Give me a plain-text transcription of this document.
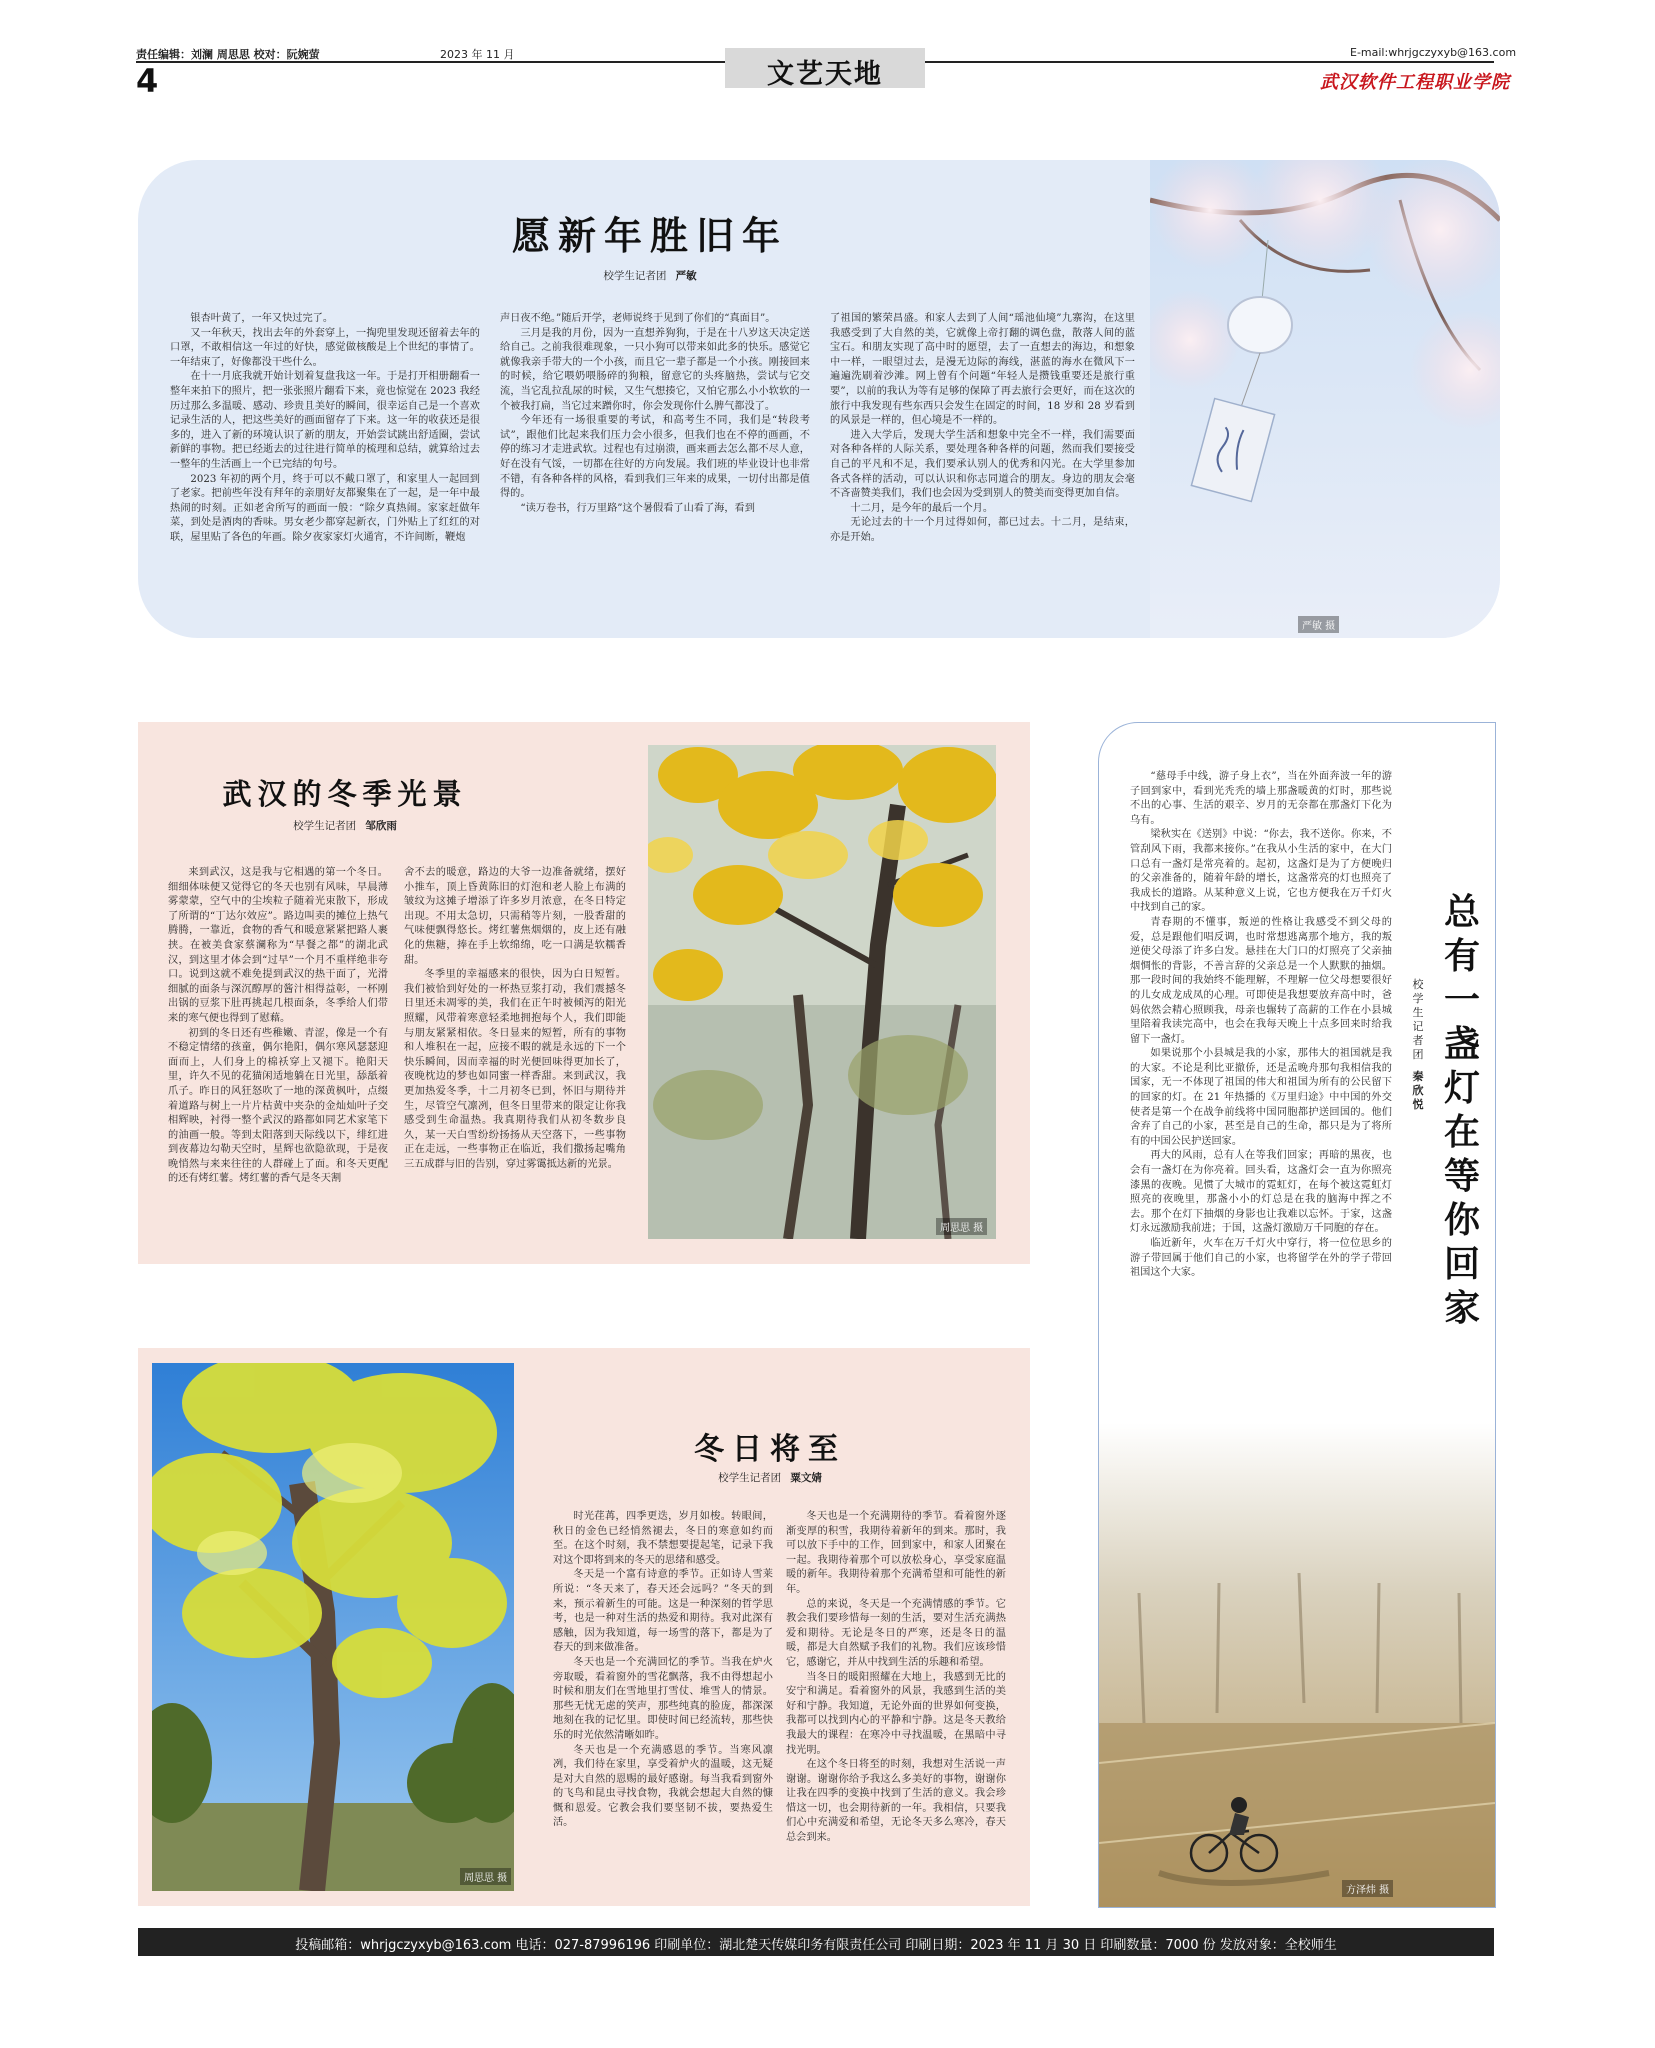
责任编辑：刘澜 周思思 校对：阮婉萤	2023 年 11 月	E-mail:whrjgczyxyb@163.com
4	文艺天地	武汉软件工程职业学院
严敏 摄
愿新年胜旧年
校学生记者团 严敏

银杏叶黄了，一年又快过完了。

又一年秋天，找出去年的外套穿上，一掏兜里发现还留着去年的口罩，不敢相信这一年过的好快，感觉做核酸是上个世纪的事情了。一年结束了，好像都没干些什么。

在十一月底我就开始计划着复盘我这一年。于是打开相册翻看一整年来拍下的照片，把一张张照片翻看下来，竟也惊觉在 2023 我经历过那么多温暖、感动、珍贵且美好的瞬间，很幸运自己是一个喜欢记录生活的人，把这些美好的画面留存了下来。这一年的收获还是很多的，进入了新的环境认识了新的朋友，开始尝试跳出舒适圈，尝试新鲜的事物。把已经逝去的过往进行简单的梳理和总结，就算给过去一整年的生活画上一个已完结的句号。

2023 年初的两个月，终于可以不戴口罩了，和家里人一起回到了老家。把前些年没有拜年的亲朋好友都聚集在了一起，是一年中最热闹的时刻。正如老舍所写的画面一般：“除夕真热闹。家家赶做年菜，到处是酒肉的香味。男女老少都穿起新衣，门外贴上了红红的对联，屋里贴了各色的年画。除夕夜家家灯火通宵，不许间断，鞭炮

声日夜不绝。”随后开学，老师说终于见到了你们的“真面目”。

三月是我的月份，因为一直想养狗狗，于是在十八岁这天决定送给自己。之前我很难现象，一只小狗可以带来如此多的快乐。感觉它就像我亲手带大的一个小孩，而且它一辈子都是一个小孩。刚接回来的时候，给它喂奶喂肠碎的狗粮，留意它的头疼脑热，尝试与它交流，当它乱拉乱尿的时候，又生气想揍它，又怕它那么小小软软的一个被我打扁，当它过来蹭你时，你会发现你什么脾气都没了。

今年还有一场很重要的考试，和高考生不同，我们是“转段考试”，跟他们比起来我们压力会小很多，但我们也在不停的画画，不停的练习才走进武软。过程也有过崩溃，画来画去怎么都不尽人意，好在没有气馁，一切都在往好的方向发展。我们班的毕业设计也非常不错，有各种各样的风格，看到我们三年来的成果，一切付出都是值得的。

“读万卷书，行万里路”这个暑假看了山看了海，看到

了祖国的繁荣昌盛。和家人去到了人间“瑶池仙境”九寨沟，在这里我感受到了大自然的美，它就像上帝打翻的调色盘，散落人间的蓝宝石。和朋友实现了高中时的愿望，去了一直想去的海边，和想象中一样，一眼望过去，是漫无边际的海线，湛蓝的海水在微风下一遍遍洗刷着沙滩。网上曾有个问题“年轻人是攒钱重要还是旅行重要”，以前的我认为等有足够的保障了再去旅行会更好，而在这次的旅行中我发现有些东西只会发生在固定的时间，18 岁和 28 岁看到的风景是一样的，但心境是不一样的。

进入大学后，发现大学生活和想象中完全不一样，我们需要面对各种各样的人际关系，要处理各种各样的问题，然而我们要接受自己的平凡和不足，我们要承认别人的优秀和闪光。在大学里参加各式各样的活动，可以认识和你志同道合的朋友。身边的朋友会毫不吝啬赞美我们，我们也会因为受到别人的赞美而变得更加自信。

十二月，是今年的最后一个月。

无论过去的十一个月过得如何，都已过去。十二月，是结束，亦是开始。

武汉的冬季光景
校学生记者团 邹欣雨

来到武汉，这是我与它相遇的第一个冬日。细细体味便又觉得它的冬天也别有风味，早晨薄雾蒙蒙，空气中的尘埃粒子随着光束散下，形成了所谓的“丁达尔效应”。路边叫卖的摊位上热气腾腾，一靠近，食物的香气和暖意紧紧把路人裹挟。在被美食家蔡澜称为“早餐之都”的湖北武汉，到这里才体会到“过早”一个月不重样绝非夸口。说到这就不难免提到武汉的热干面了，光滑细腻的面条与深沉醇厚的酱汁相得益彰，一杯刚出锅的豆浆下肚再挑起几根面条，冬季给人们带来的寒气便也得到了慰藉。

初到的冬日还有些稚嫩、青涩，像是一个有不稳定情绪的孩童，偶尔艳阳，偶尔寒风瑟瑟迎面而上，人们身上的棉袄穿上又褪下。艳阳天里，许久不见的花猫闲适地躺在日光里，舔舐着爪子。昨日的风狂怒吹了一地的深黄枫叶，点缀着道路与树上一片片枯黄中夹杂的金灿灿叶子交相辉映，衬得一整个武汉的路都如同艺术家笔下的油画一般。等到太阳落到天际线以下，绯红进到夜幕边勾勒天空时，星辉也欲隐欲现，于是夜晚悄然与来来往往的人群碰上了面。和冬天更配的还有烤红薯。烤红薯的香气是冬天割

舍不去的暖意，路边的大爷一边准备就绪，摆好小推车，顶上昏黄陈旧的灯泡和老人脸上布满的皱纹为这摊子增添了许多岁月浓意，在冬日特定出现。不用太急切，只需稍等片刻，一股香甜的气味便飘得悠长。烤红薯焦烟烟的，皮上还有融化的焦糖，捧在手上软绵绵，吃一口满是软糯香甜。

冬季里的幸福感来的很快，因为白日短暂。我们被恰到好处的一杯热豆浆打动，我们震撼冬日里还未凋零的美，我们在正午时被倾泻的阳光照耀，风带着寒意轻柔地拥抱每个人，我们即能与朋友紧紧相依。冬日显来的短暂，所有的事物和人堆积在一起，应接不暇的就是永远的下一个快乐瞬间，因而幸福的时光便回味得更加长了，夜晚枕边的梦也如同蜜一样香甜。来到武汉，我更加热爱冬季，十二月初冬已到，怀旧与期待并生，尽管空气凛冽，但冬日里带来的限定让你我感受到生命温热。我真期待我们从初冬数步良久，某一天白雪纷纷扬扬从天空落下，一些事物正在走远，一些事物正在临近，我们撒扬起嘴角三五成群与旧的告别，穿过雾霭抵达新的光景。

周思思 摄
周思思 摄
冬日将至
校学生记者团 粟文婧

时光荏苒，四季更迭，岁月如梭。转眼间，秋日的金色已经悄然褪去，冬日的寒意如约而至。在这个时刻，我不禁想要提起笔，记录下我对这个即将到来的冬天的思绪和感受。

冬天是一个富有诗意的季节。正如诗人雪莱所说：“冬天来了，春天还会远吗？”冬天的到来，预示着新生的可能。这是一种深刻的哲学思考，也是一种对生活的热爱和期待。我对此深有感触，因为我知道，每一场雪的落下，都是为了春天的到来做准备。

冬天也是一个充满回忆的季节。当我在炉火旁取暖，看着窗外的雪花飘落，我不由得想起小时候和朋友们在雪地里打雪仗、堆雪人的情景。那些无忧无虑的笑声，那些纯真的脸庞，都深深地刻在我的记忆里。即使时间已经流转，那些快乐的时光依然清晰如昨。

冬天也是一个充满感恩的季节。当寒风凛冽，我们待在家里，享受着炉火的温暖，这无疑是对大自然的恩赐的最好感谢。每当我看到窗外的飞鸟和昆虫寻找食物，我就会想起大自然的慷慨和恩爱。它教会我们要坚韧不拔，要热爱生活。

冬天也是一个充满期待的季节。看着窗外逐渐变厚的积雪，我期待着新年的到来。那时，我可以放下手中的工作，回到家中，和家人团聚在一起。我期待着那个可以放松身心，享受家庭温暖的新年。我期待着那个充满希望和可能性的新年。

总的来说，冬天是一个充满情感的季节。它教会我们要珍惜每一刻的生活，要对生活充满热爱和期待。无论是冬日的严寒，还是冬日的温暖，都是大自然赋予我们的礼物。我们应该珍惜它，感谢它，并从中找到生活的乐趣和希望。

当冬日的暖阳照耀在大地上，我感到无比的安宁和满足。看着窗外的风景，我感到生活的美好和宁静。我知道，无论外面的世界如何变换，我都可以找到内心的平静和宁静。这是冬天教给我最大的课程：在寒冷中寻找温暖，在黑暗中寻找光明。

在这个冬日将至的时刻，我想对生活说一声谢谢。谢谢你给予我这么多美好的事物，谢谢你让我在四季的变换中找到了生活的意义。我会珍惜这一切，也会期待新的一年。我相信，只要我们心中充满爱和希望，无论冬天多么寒冷，春天总会到来。

方泽炜 摄
总有一盏灯在等你回家
校学生记者团
秦欣悦

“慈母手中线，游子身上衣”，当在外面奔波一年的游子回到家中，看到光秃秃的墙上那盏暖黄的灯时，那些说不出的心事、生活的艰辛、岁月的无奈都在那盏灯下化为乌有。

梁秋实在《送别》中说：“你去，我不送你。你来，不管刮风下雨，我都来接你。”在我从小生活的家中，在大门口总有一盏灯是常亮着的。起初，这盏灯是为了方便晚归的父亲准备的，随着年龄的增长，这盏常亮的灯也照亮了我成长的道路。从某种意义上说，它也方便我在万千灯火中找到自己的家。

青春期的不懂事，叛逆的性格让我感受不到父母的爱，总是跟他们唱反调，也时常想逃离那个地方，我的叛逆使父母添了许多白发。悬挂在大门口的灯照亮了父亲抽烟惆怅的背影，不善言辞的父亲总是一个人默默的抽烟。那一段时间的我始终不能理解，不理解一位父母想要很好的儿女成龙成凤的心理。可即使是我想要放弃高中时，爸妈依然会精心照顾我，母亲也辗转了高薪的工作在小县城里陪着我读完高中，也会在我每天晚上十点多回来时给我留下一盏灯。

如果说那个小县城是我的小家，那伟大的祖国就是我的大家。不论是利比亚撤侨，还是孟晚舟那句我相信我的国家，无一不体现了祖国的伟大和祖国为所有的公民留下的回家的灯。在 21 年热播的《万里归途》中中国的外交使者是第一个在战争前线将中国同胞都护送回国的。他们舍弃了自己的小家，甚至是自己的生命，都只是为了将所有的中国公民护送回家。

再大的风雨，总有人在等我们回家；再暗的黑夜，也会有一盏灯在为你亮着。回头看，这盏灯会一直为你照亮漆黑的夜晚。见惯了大城市的霓虹灯，在每个被这霓虹灯照亮的夜晚里，那盏小小的灯总是在我的脑海中挥之不去。那个在灯下抽烟的身影也让我难以忘怀。于家，这盏灯永远激励我前进；于国，这盏灯激励万千同胞的存在。

临近新年，火车在万千灯火中穿行，将一位位思乡的游子带回属于他们自己的小家，也将留学在外的学子带回祖国这个大家。

投稿邮箱：whrjgczyxyb@163.com 电话：027-87996196 印刷单位：湖北楚天传媒印务有限责任公司 印刷日期：2023 年 11 月 30 日 印刷数量：7000 份 发放对象：全校师生
